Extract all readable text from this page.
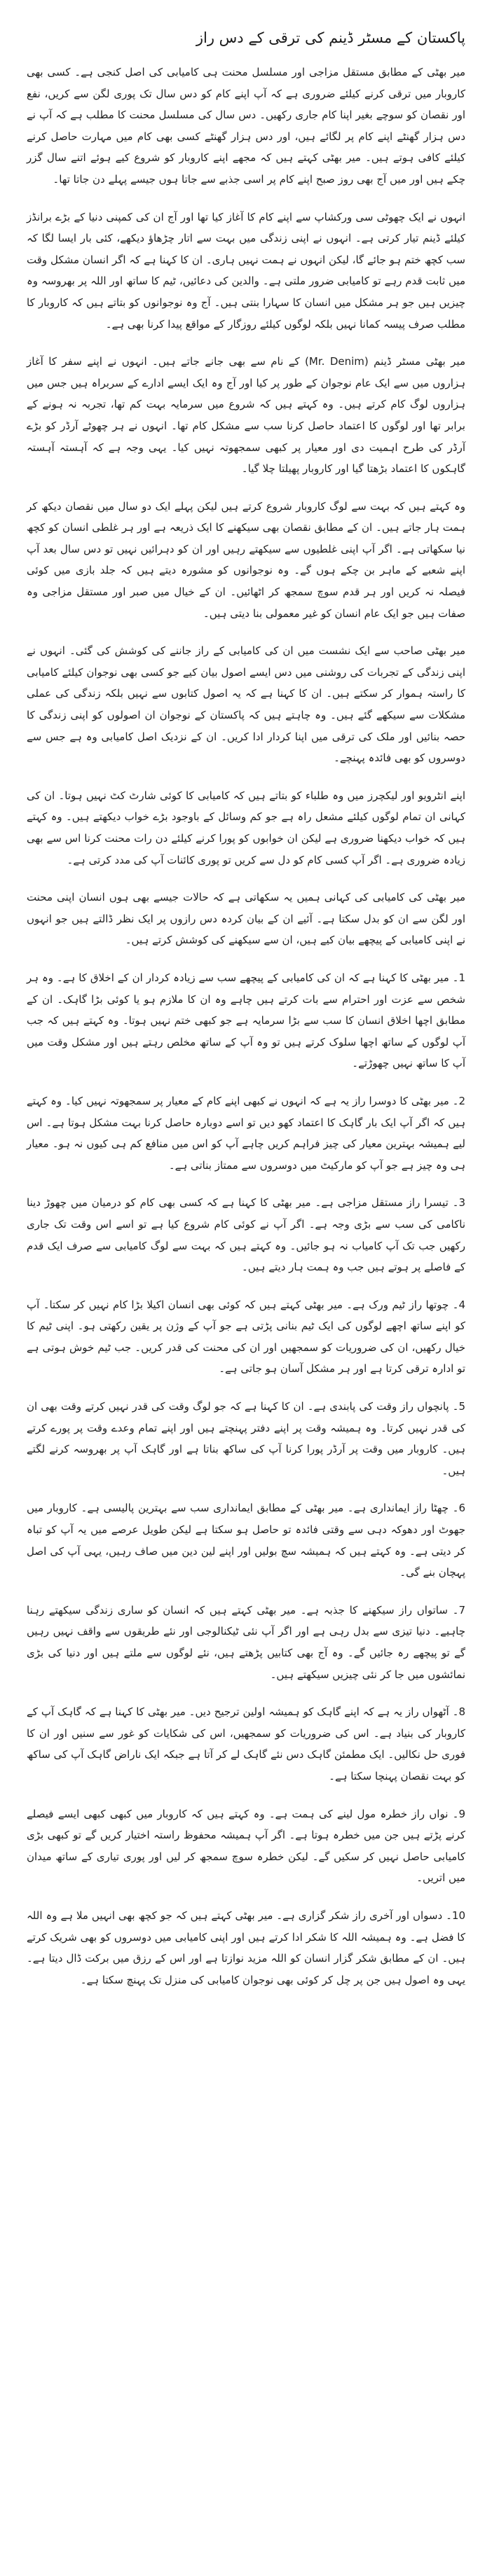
پاکستان کے مسٹر ڈینم کی ترقی کے دس راز

میر بھٹی کے مطابق مستقل مزاجی اور مسلسل محنت ہی کامیابی کی اصل کنجی ہے۔ کسی بھی کاروبار میں ترقی کرنے کیلئے ضروری ہے کہ آپ اپنے کام کو دس سال تک پوری لگن سے کریں، نفع اور نقصان کو سوچے بغیر اپنا کام جاری رکھیں۔ دس سال کی مسلسل محنت کا مطلب ہے کہ آپ نے دس ہزار گھنٹے اپنے کام پر لگائے ہیں، اور دس ہزار گھنٹے کسی بھی کام میں مہارت حاصل کرنے کیلئے کافی ہوتے ہیں۔ میر بھٹی کہتے ہیں کہ مجھے اپنے کاروبار کو شروع کیے ہوئے اتنے سال گزر چکے ہیں اور میں آج بھی روز صبح اپنے کام پر اسی جذبے سے جاتا ہوں جیسے پہلے دن جاتا تھا۔

انہوں نے ایک چھوٹی سی ورکشاپ سے اپنے کام کا آغاز کیا تھا اور آج ان کی کمپنی دنیا کے بڑے برانڈز کیلئے ڈینم تیار کرتی ہے۔ انہوں نے اپنی زندگی میں بہت سے اتار چڑھاؤ دیکھے، کئی بار ایسا لگا کہ سب کچھ ختم ہو جائے گا، لیکن انہوں نے ہمت نہیں ہاری۔ ان کا کہنا ہے کہ اگر انسان مشکل وقت میں ثابت قدم رہے تو کامیابی ضرور ملتی ہے۔ والدین کی دعائیں، ٹیم کا ساتھ اور اللہ پر بھروسہ وہ چیزیں ہیں جو ہر مشکل میں انسان کا سہارا بنتی ہیں۔ آج وہ نوجوانوں کو بتاتے ہیں کہ کاروبار کا مطلب صرف پیسہ کمانا نہیں بلکہ لوگوں کیلئے روزگار کے مواقع پیدا کرنا بھی ہے۔

میر بھٹی مسٹر ڈینم (Mr. Denim) کے نام سے بھی جانے جاتے ہیں۔ انہوں نے اپنے سفر کا آغاز ہزاروں میں سے ایک عام نوجوان کے طور پر کیا اور آج وہ ایک ایسے ادارے کے سربراہ ہیں جس میں ہزاروں لوگ کام کرتے ہیں۔ وہ کہتے ہیں کہ شروع میں سرمایہ بہت کم تھا، تجربہ نہ ہونے کے برابر تھا اور لوگوں کا اعتماد حاصل کرنا سب سے مشکل کام تھا۔ انہوں نے ہر چھوٹے آرڈر کو بڑے آرڈر کی طرح اہمیت دی اور معیار پر کبھی سمجھوتہ نہیں کیا۔ یہی وجہ ہے کہ آہستہ آہستہ گاہکوں کا اعتماد بڑھتا گیا اور کاروبار پھیلتا چلا گیا۔

وہ کہتے ہیں کہ بہت سے لوگ کاروبار شروع کرتے ہیں لیکن پہلے ایک دو سال میں نقصان دیکھ کر ہمت ہار جاتے ہیں۔ ان کے مطابق نقصان بھی سیکھنے کا ایک ذریعہ ہے اور ہر غلطی انسان کو کچھ نیا سکھاتی ہے۔ اگر آپ اپنی غلطیوں سے سیکھتے رہیں اور ان کو دہرائیں نہیں تو دس سال بعد آپ اپنے شعبے کے ماہر بن چکے ہوں گے۔ وہ نوجوانوں کو مشورہ دیتے ہیں کہ جلد بازی میں کوئی فیصلہ نہ کریں اور ہر قدم سوچ سمجھ کر اٹھائیں۔ ان کے خیال میں صبر اور مستقل مزاجی وہ صفات ہیں جو ایک عام انسان کو غیر معمولی بنا دیتی ہیں۔

میر بھٹی صاحب سے ایک نشست میں ان کی کامیابی کے راز جاننے کی کوشش کی گئی۔ انہوں نے اپنی زندگی کے تجربات کی روشنی میں دس ایسے اصول بیان کیے جو کسی بھی نوجوان کیلئے کامیابی کا راستہ ہموار کر سکتے ہیں۔ ان کا کہنا ہے کہ یہ اصول کتابوں سے نہیں بلکہ زندگی کی عملی مشکلات سے سیکھے گئے ہیں۔ وہ چاہتے ہیں کہ پاکستان کے نوجوان ان اصولوں کو اپنی زندگی کا حصہ بنائیں اور ملک کی ترقی میں اپنا کردار ادا کریں۔ ان کے نزدیک اصل کامیابی وہ ہے جس سے دوسروں کو بھی فائدہ پہنچے۔

اپنے انٹرویو اور لیکچرز میں وہ طلباء کو بتاتے ہیں کہ کامیابی کا کوئی شارٹ کٹ نہیں ہوتا۔ ان کی کہانی ان تمام لوگوں کیلئے مشعل راہ ہے جو کم وسائل کے باوجود بڑے خواب دیکھتے ہیں۔ وہ کہتے ہیں کہ خواب دیکھنا ضروری ہے لیکن ان خوابوں کو پورا کرنے کیلئے دن رات محنت کرنا اس سے بھی زیادہ ضروری ہے۔ اگر آپ کسی کام کو دل سے کریں تو پوری کائنات آپ کی مدد کرتی ہے۔

میر بھٹی کی کامیابی کی کہانی ہمیں یہ سکھاتی ہے کہ حالات جیسے بھی ہوں انسان اپنی محنت اور لگن سے ان کو بدل سکتا ہے۔ آئیے ان کے بیان کردہ دس رازوں پر ایک نظر ڈالتے ہیں جو انہوں نے اپنی کامیابی کے پیچھے بیان کیے ہیں، ان سے سیکھنے کی کوشش کرتے ہیں۔

1۔ میر بھٹی کا کہنا ہے کہ ان کی کامیابی کے پیچھے سب سے زیادہ کردار ان کے اخلاق کا ہے۔ وہ ہر شخص سے عزت اور احترام سے بات کرتے ہیں چاہے وہ ان کا ملازم ہو یا کوئی بڑا گاہک۔ ان کے مطابق اچھا اخلاق انسان کا سب سے بڑا سرمایہ ہے جو کبھی ختم نہیں ہوتا۔ وہ کہتے ہیں کہ جب آپ لوگوں کے ساتھ اچھا سلوک کرتے ہیں تو وہ آپ کے ساتھ مخلص رہتے ہیں اور مشکل وقت میں آپ کا ساتھ نہیں چھوڑتے۔

2۔ میر بھٹی کا دوسرا راز یہ ہے کہ انہوں نے کبھی اپنے کام کے معیار پر سمجھوتہ نہیں کیا۔ وہ کہتے ہیں کہ اگر آپ ایک بار گاہک کا اعتماد کھو دیں تو اسے دوبارہ حاصل کرنا بہت مشکل ہوتا ہے۔ اس لیے ہمیشہ بہترین معیار کی چیز فراہم کریں چاہے آپ کو اس میں منافع کم ہی کیوں نہ ہو۔ معیار ہی وہ چیز ہے جو آپ کو مارکیٹ میں دوسروں سے ممتاز بناتی ہے۔

3۔ تیسرا راز مستقل مزاجی ہے۔ میر بھٹی کا کہنا ہے کہ کسی بھی کام کو درمیان میں چھوڑ دینا ناکامی کی سب سے بڑی وجہ ہے۔ اگر آپ نے کوئی کام شروع کیا ہے تو اسے اس وقت تک جاری رکھیں جب تک آپ کامیاب نہ ہو جائیں۔ وہ کہتے ہیں کہ بہت سے لوگ کامیابی سے صرف ایک قدم کے فاصلے پر ہوتے ہیں جب وہ ہمت ہار دیتے ہیں۔

4۔ چوتھا راز ٹیم ورک ہے۔ میر بھٹی کہتے ہیں کہ کوئی بھی انسان اکیلا بڑا کام نہیں کر سکتا۔ آپ کو اپنے ساتھ اچھے لوگوں کی ایک ٹیم بنانی پڑتی ہے جو آپ کے وژن پر یقین رکھتی ہو۔ اپنی ٹیم کا خیال رکھیں، ان کی ضروریات کو سمجھیں اور ان کی محنت کی قدر کریں۔ جب ٹیم خوش ہوتی ہے تو ادارہ ترقی کرتا ہے اور ہر مشکل آسان ہو جاتی ہے۔

5۔ پانچواں راز وقت کی پابندی ہے۔ ان کا کہنا ہے کہ جو لوگ وقت کی قدر نہیں کرتے وقت بھی ان کی قدر نہیں کرتا۔ وہ ہمیشہ وقت پر اپنے دفتر پہنچتے ہیں اور اپنے تمام وعدے وقت پر پورے کرتے ہیں۔ کاروبار میں وقت پر آرڈر پورا کرنا آپ کی ساکھ بناتا ہے اور گاہک آپ پر بھروسہ کرنے لگتے ہیں۔

6۔ چھٹا راز ایمانداری ہے۔ میر بھٹی کے مطابق ایمانداری سب سے بہترین پالیسی ہے۔ کاروبار میں جھوٹ اور دھوکہ دہی سے وقتی فائدہ تو حاصل ہو سکتا ہے لیکن طویل عرصے میں یہ آپ کو تباہ کر دیتی ہے۔ وہ کہتے ہیں کہ ہمیشہ سچ بولیں اور اپنے لین دین میں صاف رہیں، یہی آپ کی اصل پہچان بنے گی۔

7۔ ساتواں راز سیکھنے کا جذبہ ہے۔ میر بھٹی کہتے ہیں کہ انسان کو ساری زندگی سیکھتے رہنا چاہیے۔ دنیا تیزی سے بدل رہی ہے اور اگر آپ نئی ٹیکنالوجی اور نئے طریقوں سے واقف نہیں رہیں گے تو پیچھے رہ جائیں گے۔ وہ آج بھی کتابیں پڑھتے ہیں، نئے لوگوں سے ملتے ہیں اور دنیا کی بڑی نمائشوں میں جا کر نئی چیزیں سیکھتے ہیں۔

8۔ آٹھواں راز یہ ہے کہ اپنے گاہک کو ہمیشہ اولین ترجیح دیں۔ میر بھٹی کا کہنا ہے کہ گاہک آپ کے کاروبار کی بنیاد ہے۔ اس کی ضروریات کو سمجھیں، اس کی شکایات کو غور سے سنیں اور ان کا فوری حل نکالیں۔ ایک مطمئن گاہک دس نئے گاہک لے کر آتا ہے جبکہ ایک ناراض گاہک آپ کی ساکھ کو بہت نقصان پہنچا سکتا ہے۔

9۔ نواں راز خطرہ مول لینے کی ہمت ہے۔ وہ کہتے ہیں کہ کاروبار میں کبھی کبھی ایسے فیصلے کرنے پڑتے ہیں جن میں خطرہ ہوتا ہے۔ اگر آپ ہمیشہ محفوظ راستہ اختیار کریں گے تو کبھی بڑی کامیابی حاصل نہیں کر سکیں گے۔ لیکن خطرہ سوچ سمجھ کر لیں اور پوری تیاری کے ساتھ میدان میں اتریں۔

10۔ دسواں اور آخری راز شکر گزاری ہے۔ میر بھٹی کہتے ہیں کہ جو کچھ بھی انہیں ملا ہے وہ اللہ کا فضل ہے۔ وہ ہمیشہ اللہ کا شکر ادا کرتے ہیں اور اپنی کامیابی میں دوسروں کو بھی شریک کرتے ہیں۔ ان کے مطابق شکر گزار انسان کو اللہ مزید نوازتا ہے اور اس کے رزق میں برکت ڈال دیتا ہے۔ یہی وہ اصول ہیں جن پر چل کر کوئی بھی نوجوان کامیابی کی منزل تک پہنچ سکتا ہے۔
